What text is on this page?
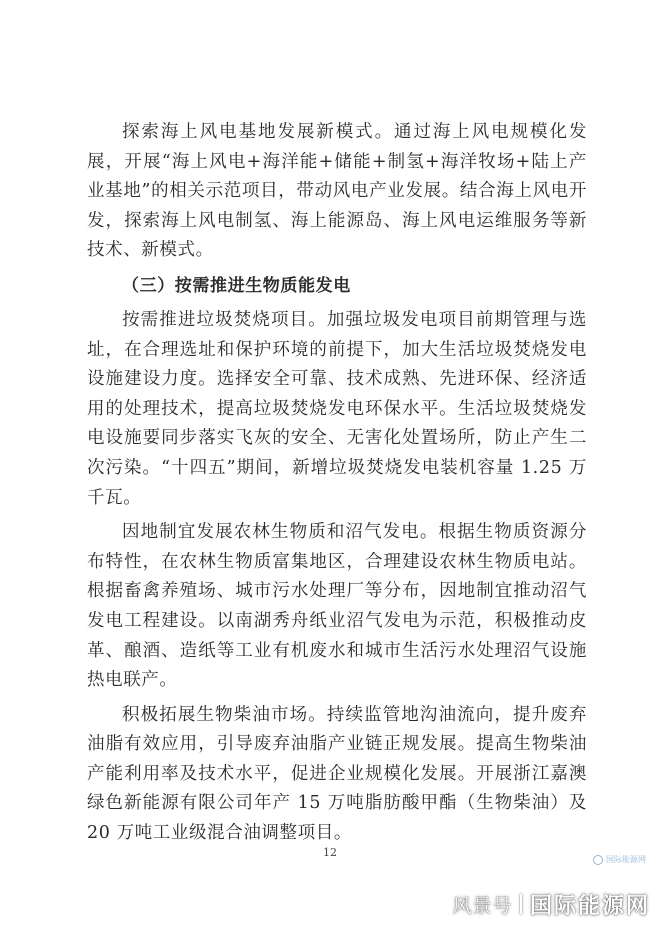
探索海上风电基地发展新模式。通过海上风电规模化发展，开展“海上风电+海洋能+储能+制氢+海洋牧场+陆上产业基地”的相关示范项目，带动风电产业发展。结合海上风电开发，探索海上风电制氢、海上能源岛、海上风电运维服务等新技术、新模式。

（三）按需推进生物质能发电

按需推进垃圾焚烧项目。加强垃圾发电项目前期管理与选址，在合理选址和保护环境的前提下，加大生活垃圾焚烧发电设施建设力度。选择安全可靠、技术成熟、先进环保、经济适用的处理技术，提高垃圾焚烧发电环保水平。生活垃圾焚烧发电设施要同步落实飞灰的安全、无害化处置场所，防止产生二次污染。“十四五”期间，新增垃圾焚烧发电装机容量 1.25 万千瓦。

因地制宜发展农林生物质和沼气发电。根据生物质资源分布特性，在农林生物质富集地区，合理建设农林生物质电站。根据畜禽养殖场、城市污水处理厂等分布，因地制宜推动沼气发电工程建设。以南湖秀舟纸业沼气发电为示范，积极推动皮革、酿酒、造纸等工业有机废水和城市生活污水处理沼气设施热电联产。

积极拓展生物柴油市场。持续监管地沟油流向，提升废弃油脂有效应用，引导废弃油脂产业链正规发展。提高生物柴油产能利用率及技术水平，促进企业规模化发展。开展浙江嘉澳绿色新能源有限公司年产 15 万吨脂肪酸甲酯（生物柴油）及 20 万吨工业级混合油调整项目。

12
国际能源网
风景号 国际能源网
